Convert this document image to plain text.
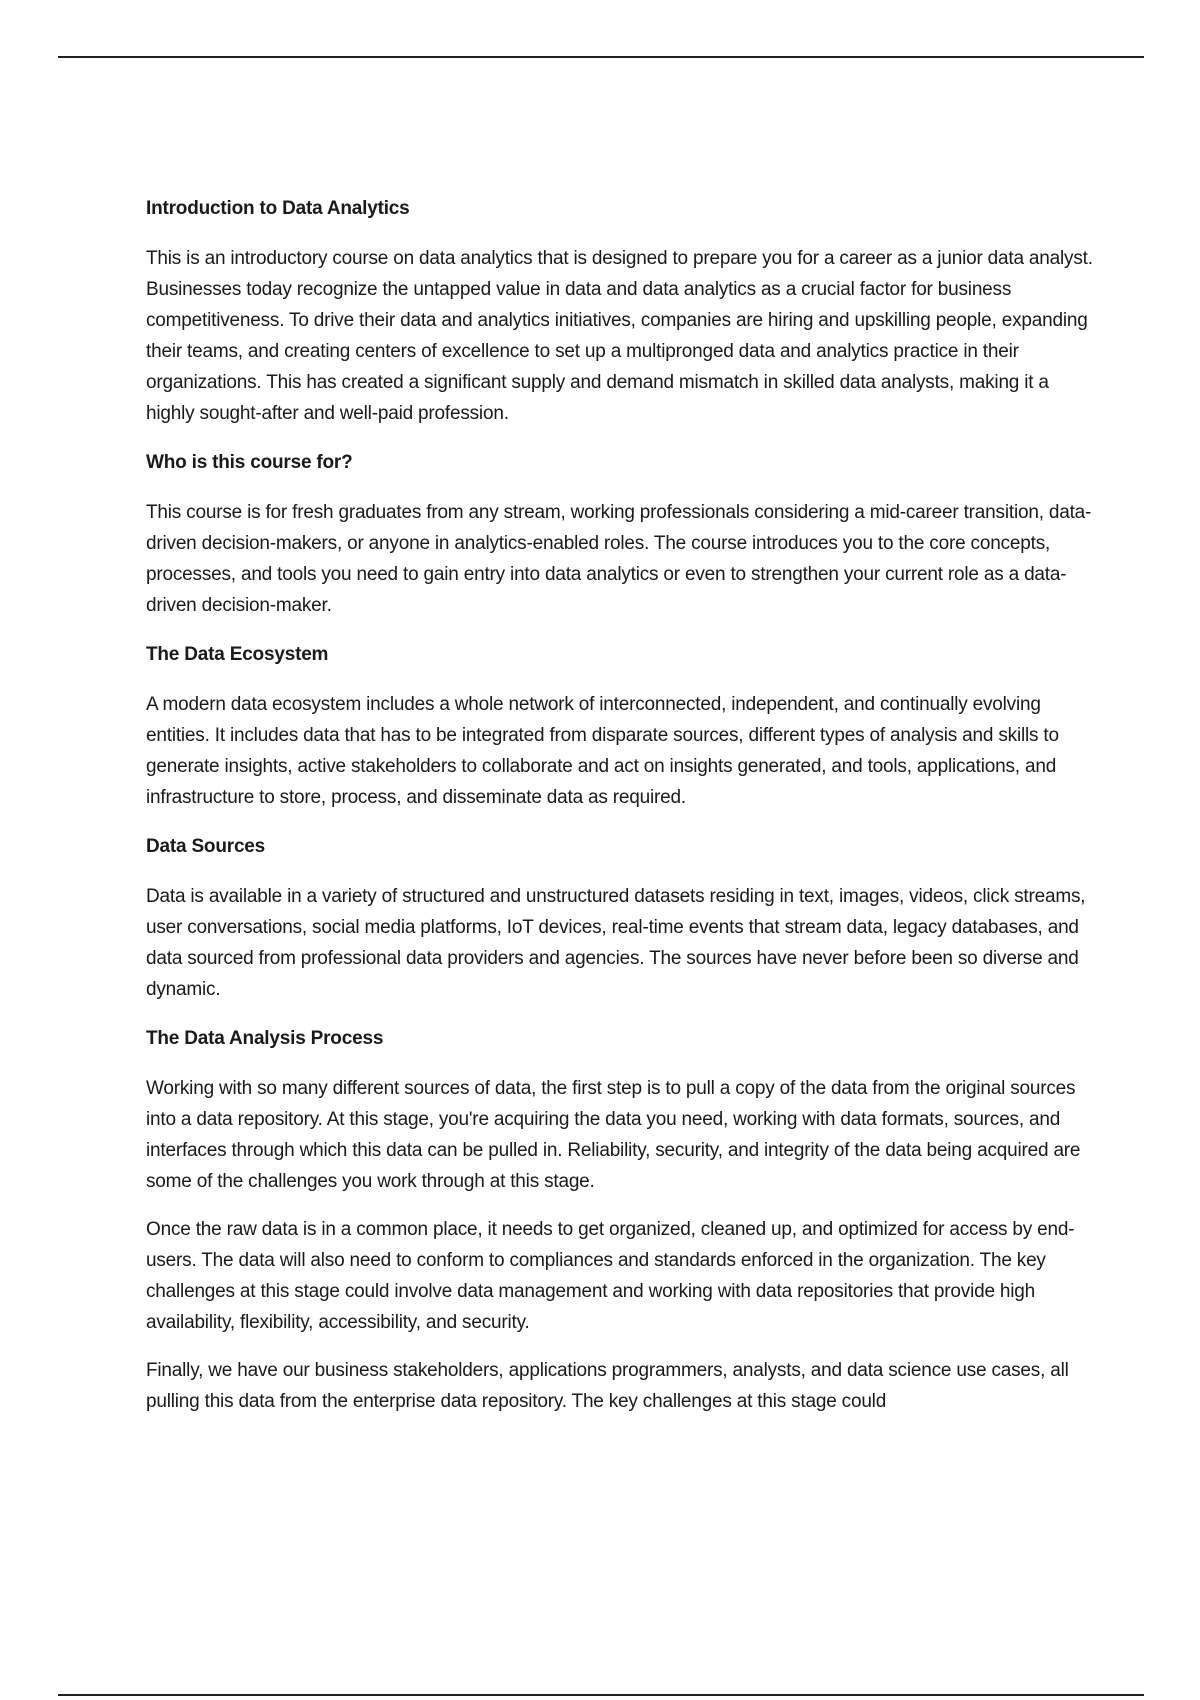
Introduction to Data Analytics

This is an introductory course on data analytics that is designed to prepare you for a career as a junior data analyst. Businesses today recognize the untapped value in data and data analytics as a crucial factor for business competitiveness. To drive their data and analytics initiatives, companies are hiring and upskilling people, expanding their teams, and creating centers of excellence to set up a multipronged data and analytics practice in their organizations. This has created a significant supply and demand mismatch in skilled data analysts, making it a highly sought-after and well-paid profession.

Who is this course for?

This course is for fresh graduates from any stream, working professionals considering a mid-career transition, data-driven decision-makers, or anyone in analytics-enabled roles. The course introduces you to the core concepts, processes, and tools you need to gain entry into data analytics or even to strengthen your current role as a data-driven decision-maker.

The Data Ecosystem

A modern data ecosystem includes a whole network of interconnected, independent, and continually evolving entities. It includes data that has to be integrated from disparate sources, different types of analysis and skills to generate insights, active stakeholders to collaborate and act on insights generated, and tools, applications, and infrastructure to store, process, and disseminate data as required.

Data Sources

Data is available in a variety of structured and unstructured datasets residing in text, images, videos, click streams, user conversations, social media platforms, IoT devices, real-time events that stream data, legacy databases, and data sourced from professional data providers and agencies. The sources have never before been so diverse and dynamic.

The Data Analysis Process

Working with so many different sources of data, the first step is to pull a copy of the data from the original sources into a data repository. At this stage, you're acquiring the data you need, working with data formats, sources, and interfaces through which this data can be pulled in. Reliability, security, and integrity of the data being acquired are some of the challenges you work through at this stage.

Once the raw data is in a common place, it needs to get organized, cleaned up, and optimized for access by end-users. The data will also need to conform to compliances and standards enforced in the organization. The key challenges at this stage could involve data management and working with data repositories that provide high availability, flexibility, accessibility, and security.

Finally, we have our business stakeholders, applications programmers, analysts, and data science use cases, all pulling this data from the enterprise data repository. The key challenges at this stage could
